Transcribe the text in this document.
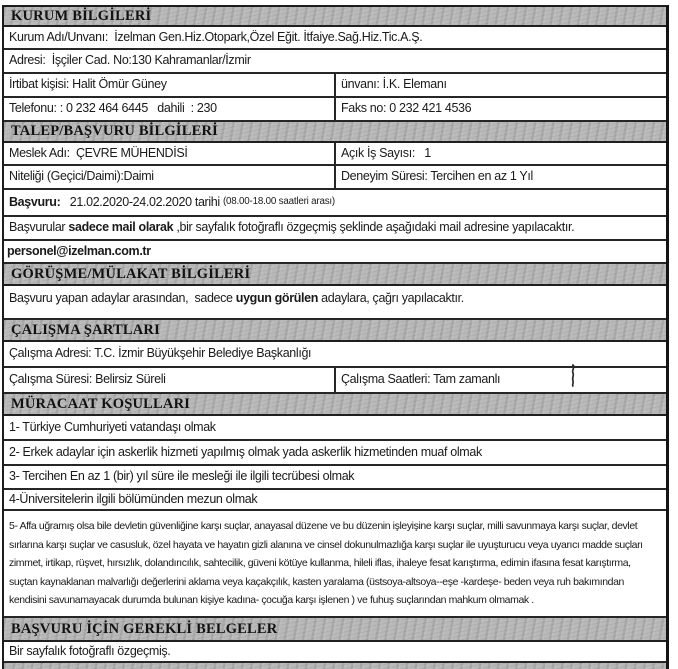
KURUM BİLGİLERİ
Kurum Adı/Unvanı:  İzelman Gen.Hiz.Otopark,Özel Eğit. İtfaiye.Sağ.Hiz.Tic.A.Ş.
Adresi:  İşçiler Cad. No:130 Kahramanlar/İzmir
İrtibat kişisi: Halit Ömür Güney	ünvanı: İ.K. Elemanı
Telefonu: : 0 232 464 6445   dahili  : 230	Faks no: 0 232 421 4536
TALEP/BAŞVURU BİLGİLERİ
Meslek Adı:  ÇEVRE MÜHENDİSİ	Açık İş Sayısı:   1
Niteliği (Geçici/Daimi):Daimi	Deneyim Süresi: Tercihen en az 1 Yıl
Başvuru: 21.02.2020-24.02.2020 tarihi (08.00-18.00 saatleri arası)
Başvurular sadece mail olarak ,bir sayfalık fotoğraflı özgeçmiş şeklinde aşağıdaki mail adresine yapılacaktır.
personel@izelman.com.tr
GÖRÜŞME/MÜLAKAT BİLGİLERİ
Başvuru yapan adaylar arasından,  sadece uygun görülen adaylara, çağrı yapılacaktır.
ÇALIŞMA ŞARTLARI
Çalışma Adresi: T.C. İzmir Büyükşehir Belediye Başkanlığı
Çalışma Süresi: Belirsiz Süreli	Çalışma Saatleri: Tam zamanlı
MÜRACAAT KOŞULLARI
1- Türkiye Cumhuriyeti vatandaşı olmak
2- Erkek adaylar için askerlik hizmeti yapılmış olmak yada askerlik hizmetinden muaf olmak
3- Tercihen En az 1 (bir) yıl süre ile mesleği ile ilgili tecrübesi olmak
4-Üniversitelerin ilgili bölümünden mezun olmak
5- Affa uğramış olsa bile devletin güvenliğine karşı suçlar, anayasal düzene ve bu düzenin işleyişine karşı suçlar, milli savunmaya karşı suçlar, devlet sırlarına karşı suçlar ve casusluk, özel hayata ve hayatın gizli alanına ve cinsel dokunulmazlığa karşı suçlar ile uyuşturucu veya uyarıcı madde suçları zimmet, irtikap, rüşvet, hırsızlık, dolandırıcılık, sahtecilik, güveni kötüye kullanma, hileli iflas, ihaleye fesat karıştırma, edimin ifasına fesat karıştırma, suçtan kaynaklanan malvarlığı değerlerini aklama veya kaçakçılık, kasten yaralama (üstsoya-altsoya--eşe -kardeşe- beden veya ruh bakımından kendisini savunamayacak durumda bulunan kişiye kadına- çocuğa karşı işlenen ) ve fuhuş suçlarından mahkum olmamak .
BAŞVURU İÇİN GEREKLİ BELGELER
Bir sayfalık fotoğraflı özgeçmiş.
